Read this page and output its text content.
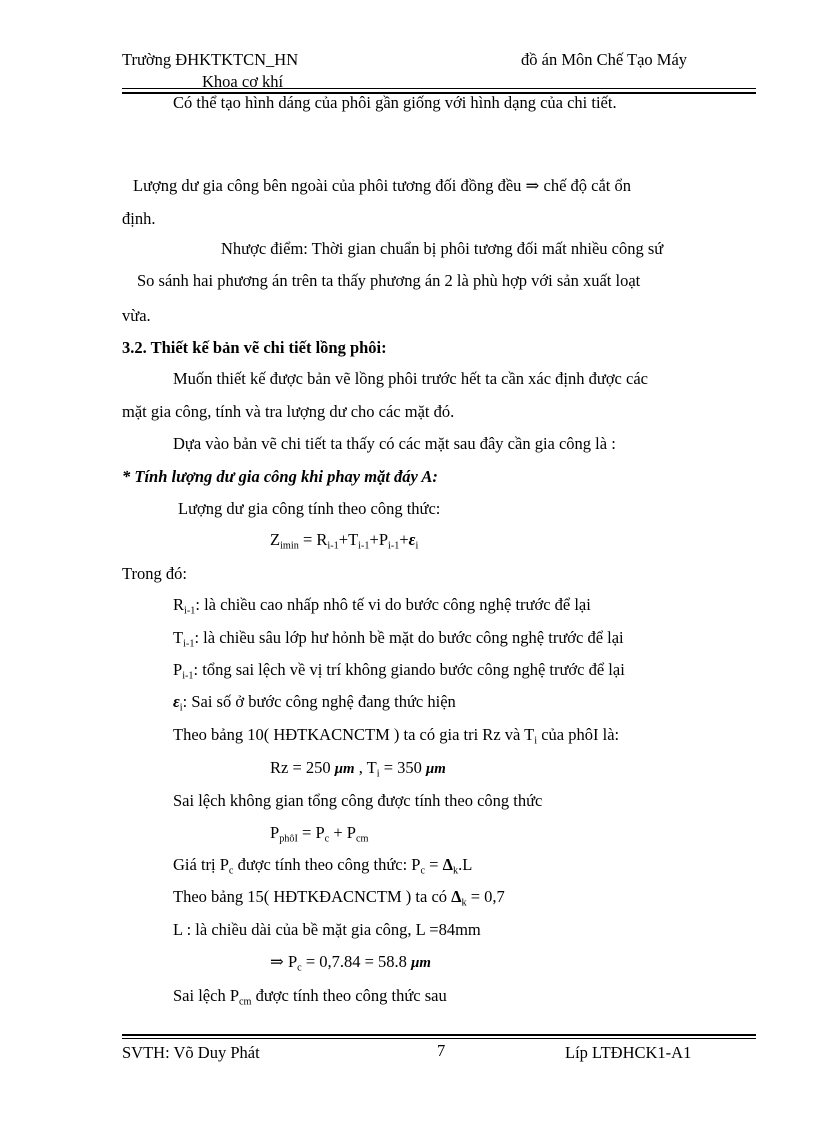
Trường ĐHKTKTCN_HN	đồ án Môn Chế Tạo Máy
Khoa cơ khí
Có thể tạo hình dáng của phôi gần giống với hình dạng của chi tiết.
Lượng dư gia công bên ngoài của phôi tương đối đồng đều ⇒ chế độ cắt ổn
định.
Nhược điểm: Thời gian chuẩn bị phôi tương đối mất nhiều công sứ
So sánh hai phương án trên ta thấy phương án 2 là phù hợp với sản xuất loạt
vừa.
3.2. Thiết kế bản vẽ chi tiết lồng phôi:
Muốn thiết kế được bản vẽ lồng phôi trước hết ta cần xác định được các
mặt gia công, tính và tra lượng dư cho các mặt đó.
Dựa vào bản vẽ chi tiết ta thấy có các mặt sau đây cần gia công là :
* Tính lượng dư gia công khi phay mặt đáy A:
Lượng dư gia công tính theo công thức:
$Z_{imin} = R_{i-1}+T_{i-1}+P_{i-1}+\varepsilon_i$
Trong đó:
$R_{i-1}$: là chiều cao nhấp nhô tế vi do bước công nghệ trước để lại
$T_{i-1}$: là chiều sâu lớp hư hỏnh bề mặt do bước công nghệ trước để lại
$P_{i-1}$: tổng sai lệch về vị trí không giando bước công nghệ trước để lại
$\varepsilon_i$: Sai số ở bước công nghệ đang thức hiện
Theo bảng 10( HĐTKACNCTM ) ta có gia tri Rz và $T_i$ của phôI là:
Rz = 250 μm , $T_i = 350$ μm
Sai lệch không gian tổng công được tính theo công thức
$P_{phôI} = P_c + P_{cm}$
Giá trị $P_c$ được tính theo công thức: $P_c = \Delta_k.L$
Theo bảng 15( HĐTKĐACNCTM ) ta có $\Delta_k = 0,7$
L : là chiều dài của bề mặt gia công, L =84mm
⇒ $P_c = 0,7.84 = 58.8$ μm
Sai lệch $P_{cm}$ được tính theo công thức sau
SVTH: Võ Duy Phát	7	Líp LTĐHCK1-A1
